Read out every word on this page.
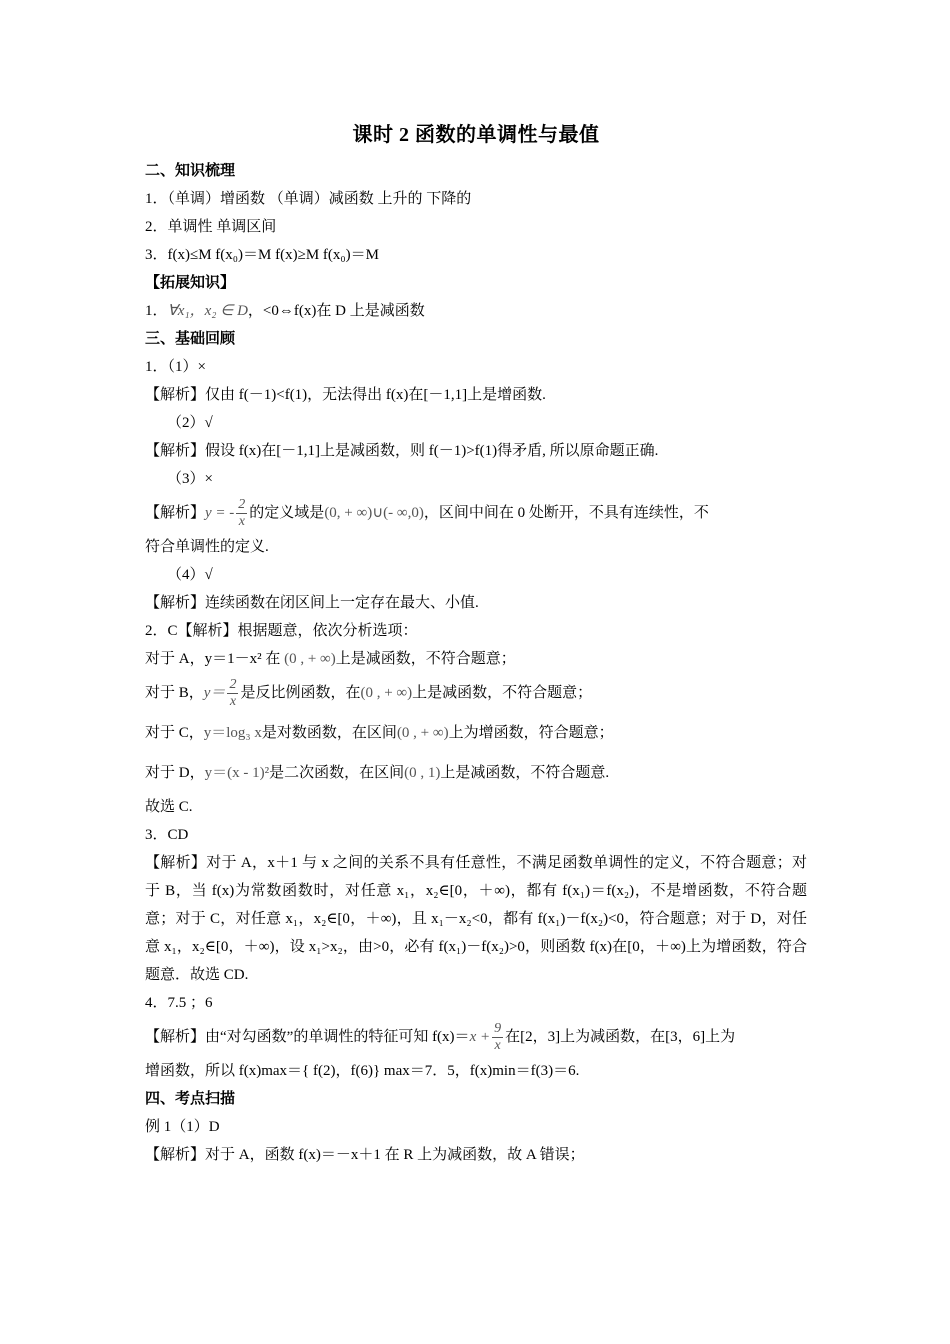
课时 2 函数的单调性与最值
二、知识梳理
1．（单调）增函数 （单调）减函数 上升的 下降的
2．单调性 单调区间
3．f(x)≤M f(x₀)＝M f(x)≥M f(x₀)＝M
【拓展知识】
1．∀x₁，x₂ ∈ D，<0⇔f(x)在 D 上是减函数
三、基础回顾
1．（1）×
【解析】仅由 f(－1)<f(1)，无法得出 f(x)在[－1,1]上是增函数.
（2）√
【解析】假设 f(x)在[－1,1]上是减函数，则 f(－1)>f(1)得矛盾, 所以原命题正确.
（3）×
【解析】y = - $\frac{2}{x}$ 的定义域是(0, + ∞)∪(- ∞,0)，区间中间在 0 处断开，不具有连续性，不
符合单调性的定义.
（4）√
【解析】连续函数在闭区间上一定存在最大、小值.
2．C【解析】根据题意，依次分析选项：
对于 A，y＝1－x² 在 (0 , + ∞)上是减函数，不符合题意；
对于 B，$y= \frac{2}{x}$ 是反比例函数，在(0 , + ∞)上是减函数，不符合题意；
对于 C，y＝log₃ x是对数函数，在区间(0 , + ∞)上为增函数，符合题意；
对于 D，y＝(x - 1)²是二次函数，在区间(0 , 1)上是减函数，不符合题意.
故选 C.
3．CD
【解析】对于 A，x＋1 与 x 之间的关系不具有任意性，不满足函数单调性的定义，不符合题意；对于 B，当 f(x)为常数函数时，对任意 x₁，x₂∈[0，＋∞)，都有 f(x₁)＝f(x₂)，不是增函数，不符合题意；对于 C，对任意 x₁，x₂∈[0，＋∞)，且 x₁－x₂<0，都有 f(x₁)－f(x₂)<0，符合题意；对于 D，对任意 x₁，x₂∈[0，＋∞)，设 x₁>x₂，由>0，必有 f(x₁)－f(x₂)>0，则函数 f(x)在[0，＋∞)上为增函数，符合题意．故选 CD.
4．7.5 ；6
【解析】由“对勾函数”的单调性的特征可知 $f(x)=x + \frac{9}{x}$ 在[2，3]上为减函数，在[3，6]上为
增函数，所以 f(x)max＝{ f(2)，f(6)} max＝7．5，f(x)min＝f(3)＝6.
四、考点扫描
例 1（1）D
【解析】对于 A，函数 f(x)＝－x＋1 在 R 上为减函数，故 A 错误；
